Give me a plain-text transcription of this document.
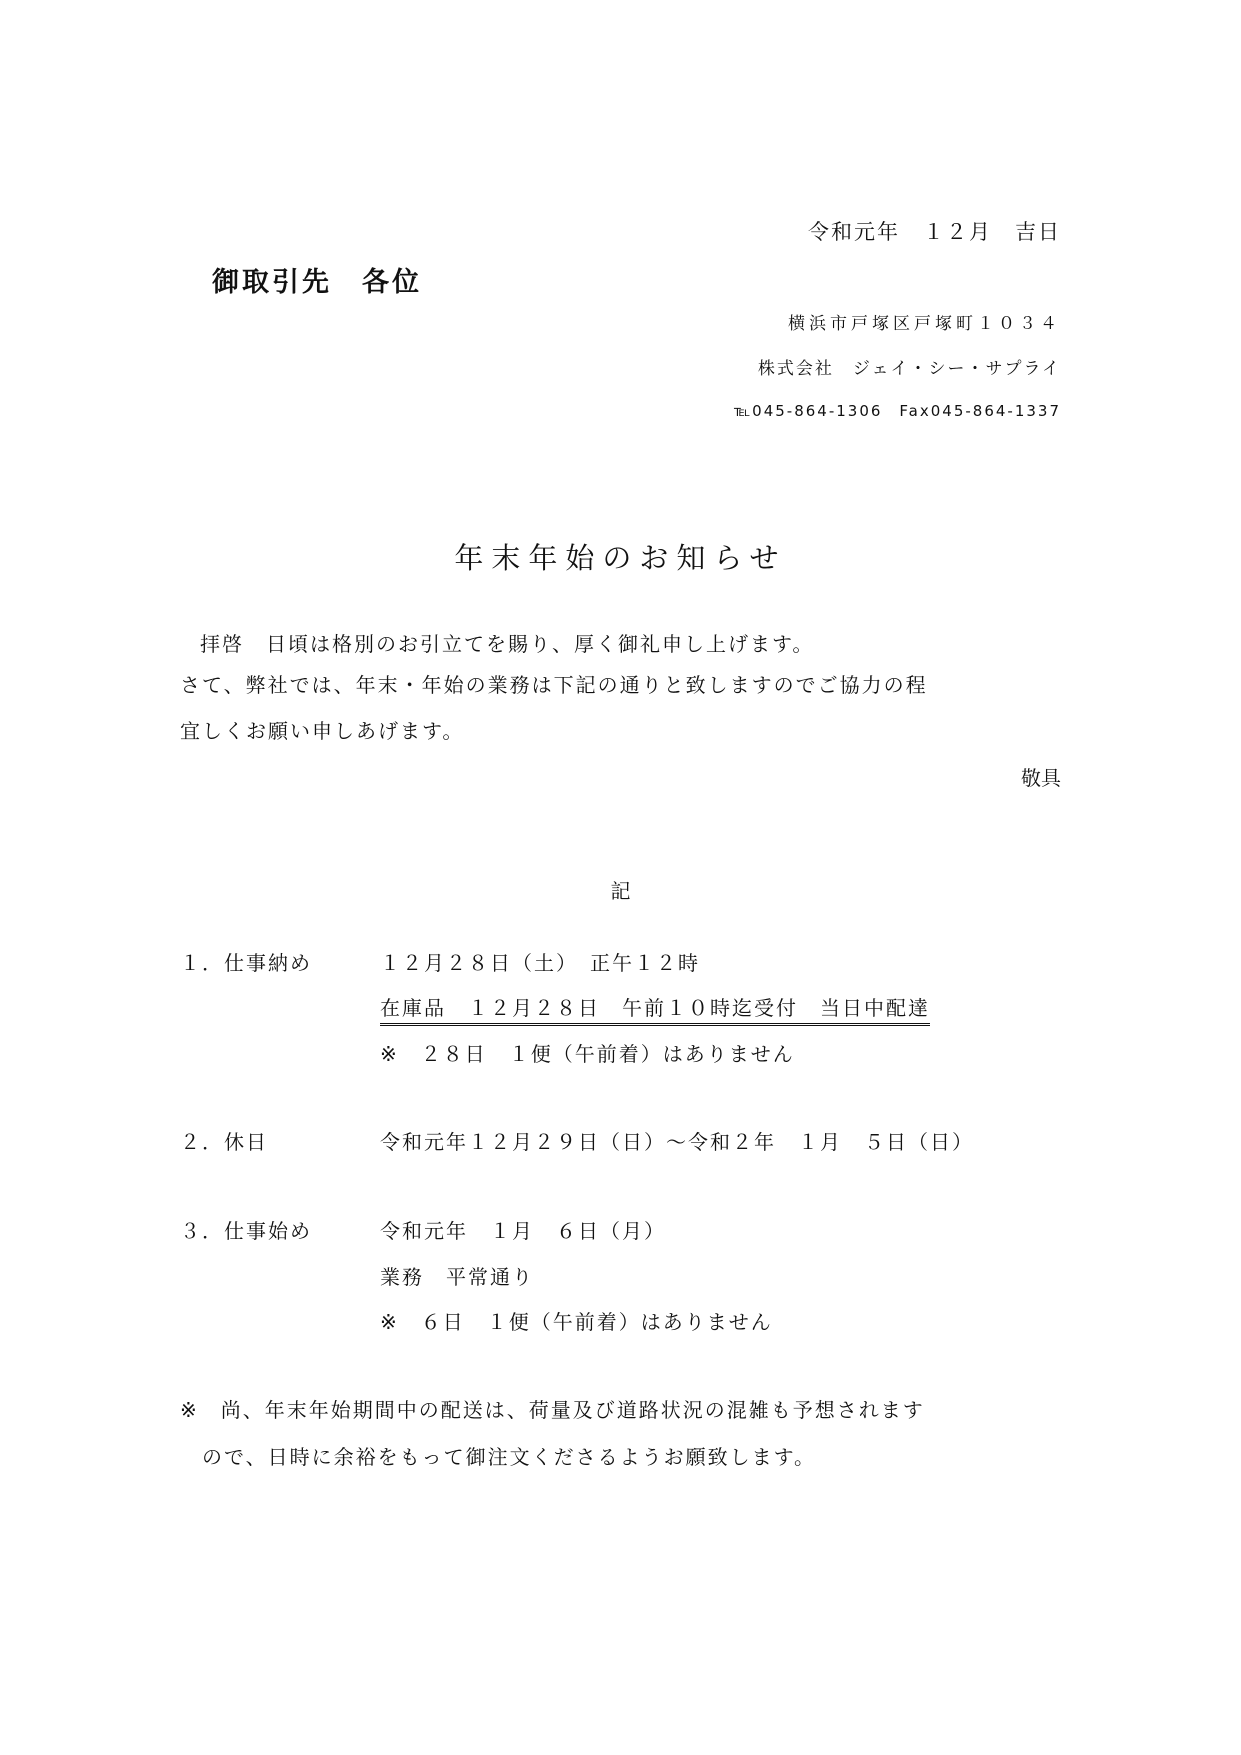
令和元年　１２月　吉日
御取引先　各位
横浜市戸塚区戸塚町１０３４
株式会社　ジェイ・シー・サプライ
℡045-864-1306　Fax045-864-1337
年末年始のお知らせ
拝啓　日頃は格別のお引立てを賜り、厚く御礼申し上げます。
さて、弊社では、年末・年始の業務は下記の通りと致しますのでご協力の程
宜しくお願い申しあげます。
敬具
記
１．仕事納め	１２月２８日（土）　正午１２時
在庫品　１２月２８日　午前１０時迄受付　当日中配達
※　２８日　１便（午前着）はありません
２．休日	令和元年１２月２９日（日）～令和２年　１月　５日（日）
３．仕事始め	令和元年　１月　６日（月）
業務　平常通り
※　６日　１便（午前着）はありません
※　尚、年末年始期間中の配送は、荷量及び道路状況の混雑も予想されます
ので、日時に余裕をもって御注文くださるようお願致します。
